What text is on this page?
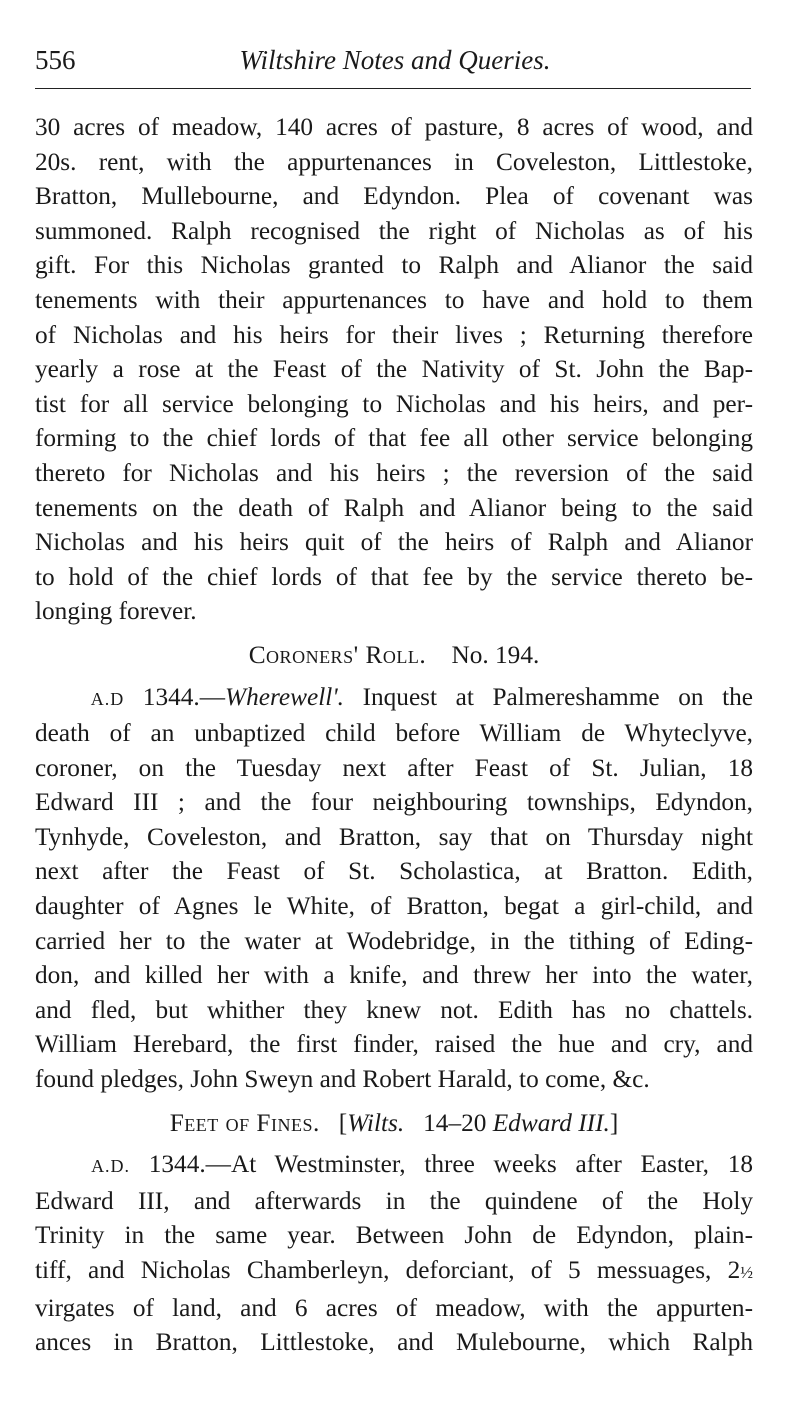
556	Wiltshire Notes and Queries.
30 acres of meadow, 140 acres of pasture, 8 acres of wood, and
20s. rent, with the appurtenances in Coveleston, Littlestoke,
Bratton, Mullebourne, and Edyndon. Plea of covenant was
summoned. Ralph recognised the right of Nicholas as of his
gift. For this Nicholas granted to Ralph and Alianor the said
tenements with their appurtenances to have and hold to them
of Nicholas and his heirs for their lives ; Returning therefore
yearly a rose at the Feast of the Nativity of St. John the Bap-
tist for all service belonging to Nicholas and his heirs, and per-
forming to the chief lords of that fee all other service belonging
thereto for Nicholas and his heirs ; the reversion of the said
tenements on the death of Ralph and Alianor being to the said
Nicholas and his heirs quit of the heirs of Ralph and Alianor
to hold of the chief lords of that fee by the service thereto be-
longing forever.
Coroners' Roll. No. 194.
A.D 1344.—Wherewell'. Inquest at Palmereshamme on the
death of an unbaptized child before William de Whyteclyve,
coroner, on the Tuesday next after Feast of St. Julian, 18
Edward III ; and the four neighbouring townships, Edyndon,
Tynhyde, Coveleston, and Bratton, say that on Thursday night
next after the Feast of St. Scholastica, at Bratton. Edith,
daughter of Agnes le White, of Bratton, begat a girl-child, and
carried her to the water at Wodebridge, in the tithing of Eding-
don, and killed her with a knife, and threw her into the water,
and fled, but whither they knew not. Edith has no chattels.
William Herebard, the first finder, raised the hue and cry, and
found pledges, John Sweyn and Robert Harald, to come, &c.
Feet of Fines. [Wilts. 14–20 Edward III.]
A.D. 1344.—At Westminster, three weeks after Easter, 18
Edward III, and afterwards in the quindene of the Holy
Trinity in the same year. Between John de Edyndon, plain-
tiff, and Nicholas Chamberleyn, deforciant, of 5 messuages, 2½
virgates of land, and 6 acres of meadow, with the appurten-
ances in Bratton, Littlestoke, and Mulebourne, which Ralph
